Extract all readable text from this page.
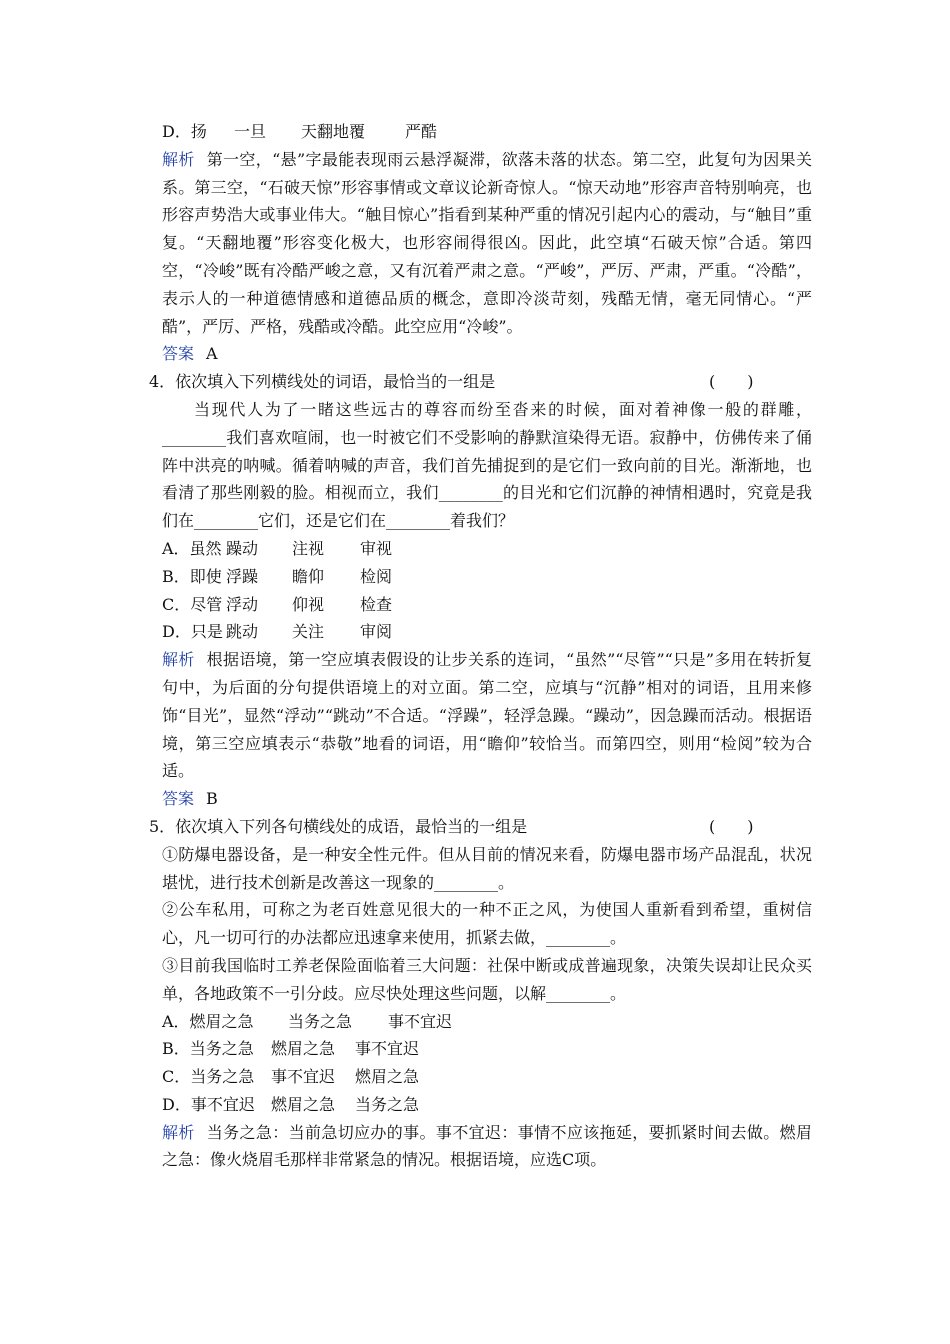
D．扬	一旦	天翻地覆	严酷
解析 第一空，“悬”字最能表现雨云悬浮凝滞，欲落未落的状态。第二空，此复句为因果关系。第三空，“石破天惊”形容事情或文章议论新奇惊人。“惊天动地”形容声音特别响亮，也形容声势浩大或事业伟大。“触目惊心”指看到某种严重的情况引起内心的震动，与“触目”重复。“天翻地覆”形容变化极大，也形容闹得很凶。因此，此空填“石破天惊”合适。第四空，“冷峻”既有冷酷严峻之意，又有沉着严肃之意。“严峻”，严厉、严肃，严重。“冷酷”，表示人的一种道德情感和道德品质的概念，意即冷淡苛刻，残酷无情，毫无同情心。“严酷”，严厉、严格，残酷或冷酷。此空应用“冷峻”。
答案 A
4．依次填入下列横线处的词语，最恰当的一组是	(　　)
当现代人为了一睹这些远古的尊容而纷至沓来的时候，面对着神像一般的群雕，________我们喜欢喧闹，也一时被它们不受影响的静默渲染得无语。寂静中，仿佛传来了俑阵中洪亮的呐喊。循着呐喊的声音，我们首先捕捉到的是它们一致向前的目光。渐渐地，也看清了那些刚毅的脸。相视而立，我们________的目光和它们沉静的神情相遇时，究竟是我们在________它们，还是它们在________着我们？
A．虽然 躁动	注视	审视
B．即使 浮躁	瞻仰	检阅
C．尽管 浮动	仰视	检查
D．只是 跳动	关注	审阅
解析 根据语境，第一空应填表假设的让步关系的连词，“虽然”“尽管”“只是”多用在转折复句中，为后面的分句提供语境上的对立面。第二空，应填与“沉静”相对的词语，且用来修饰“目光”，显然“浮动”“跳动”不合适。“浮躁”，轻浮急躁。“躁动”，因急躁而活动。根据语境，第三空应填表示“恭敬”地看的词语，用“瞻仰”较恰当。而第四空，则用“检阅”较为合适。
答案 B
5．依次填入下列各句横线处的成语，最恰当的一组是	(　　)
①防爆电器设备，是一种安全性元件。但从目前的情况来看，防爆电器市场产品混乱，状况堪忧，进行技术创新是改善这一现象的________。
②公车私用，可称之为老百姓意见很大的一种不正之风，为使国人重新看到希望，重树信心，凡一切可行的办法都应迅速拿来使用，抓紧去做，________。
③目前我国临时工养老保险面临着三大问题：社保中断或成普遍现象，决策失误却让民众买单，各地政策不一引分歧。应尽快处理这些问题，以解________。
A．燃眉之急	当务之急	事不宜迟
B．当务之急	燃眉之急	事不宜迟
C．当务之急	事不宜迟	燃眉之急
D．事不宜迟	燃眉之急	当务之急
解析 当务之急：当前急切应办的事。事不宜迟：事情不应该拖延，要抓紧时间去做。燃眉之急：像火烧眉毛那样非常紧急的情况。根据语境，应选C项。
